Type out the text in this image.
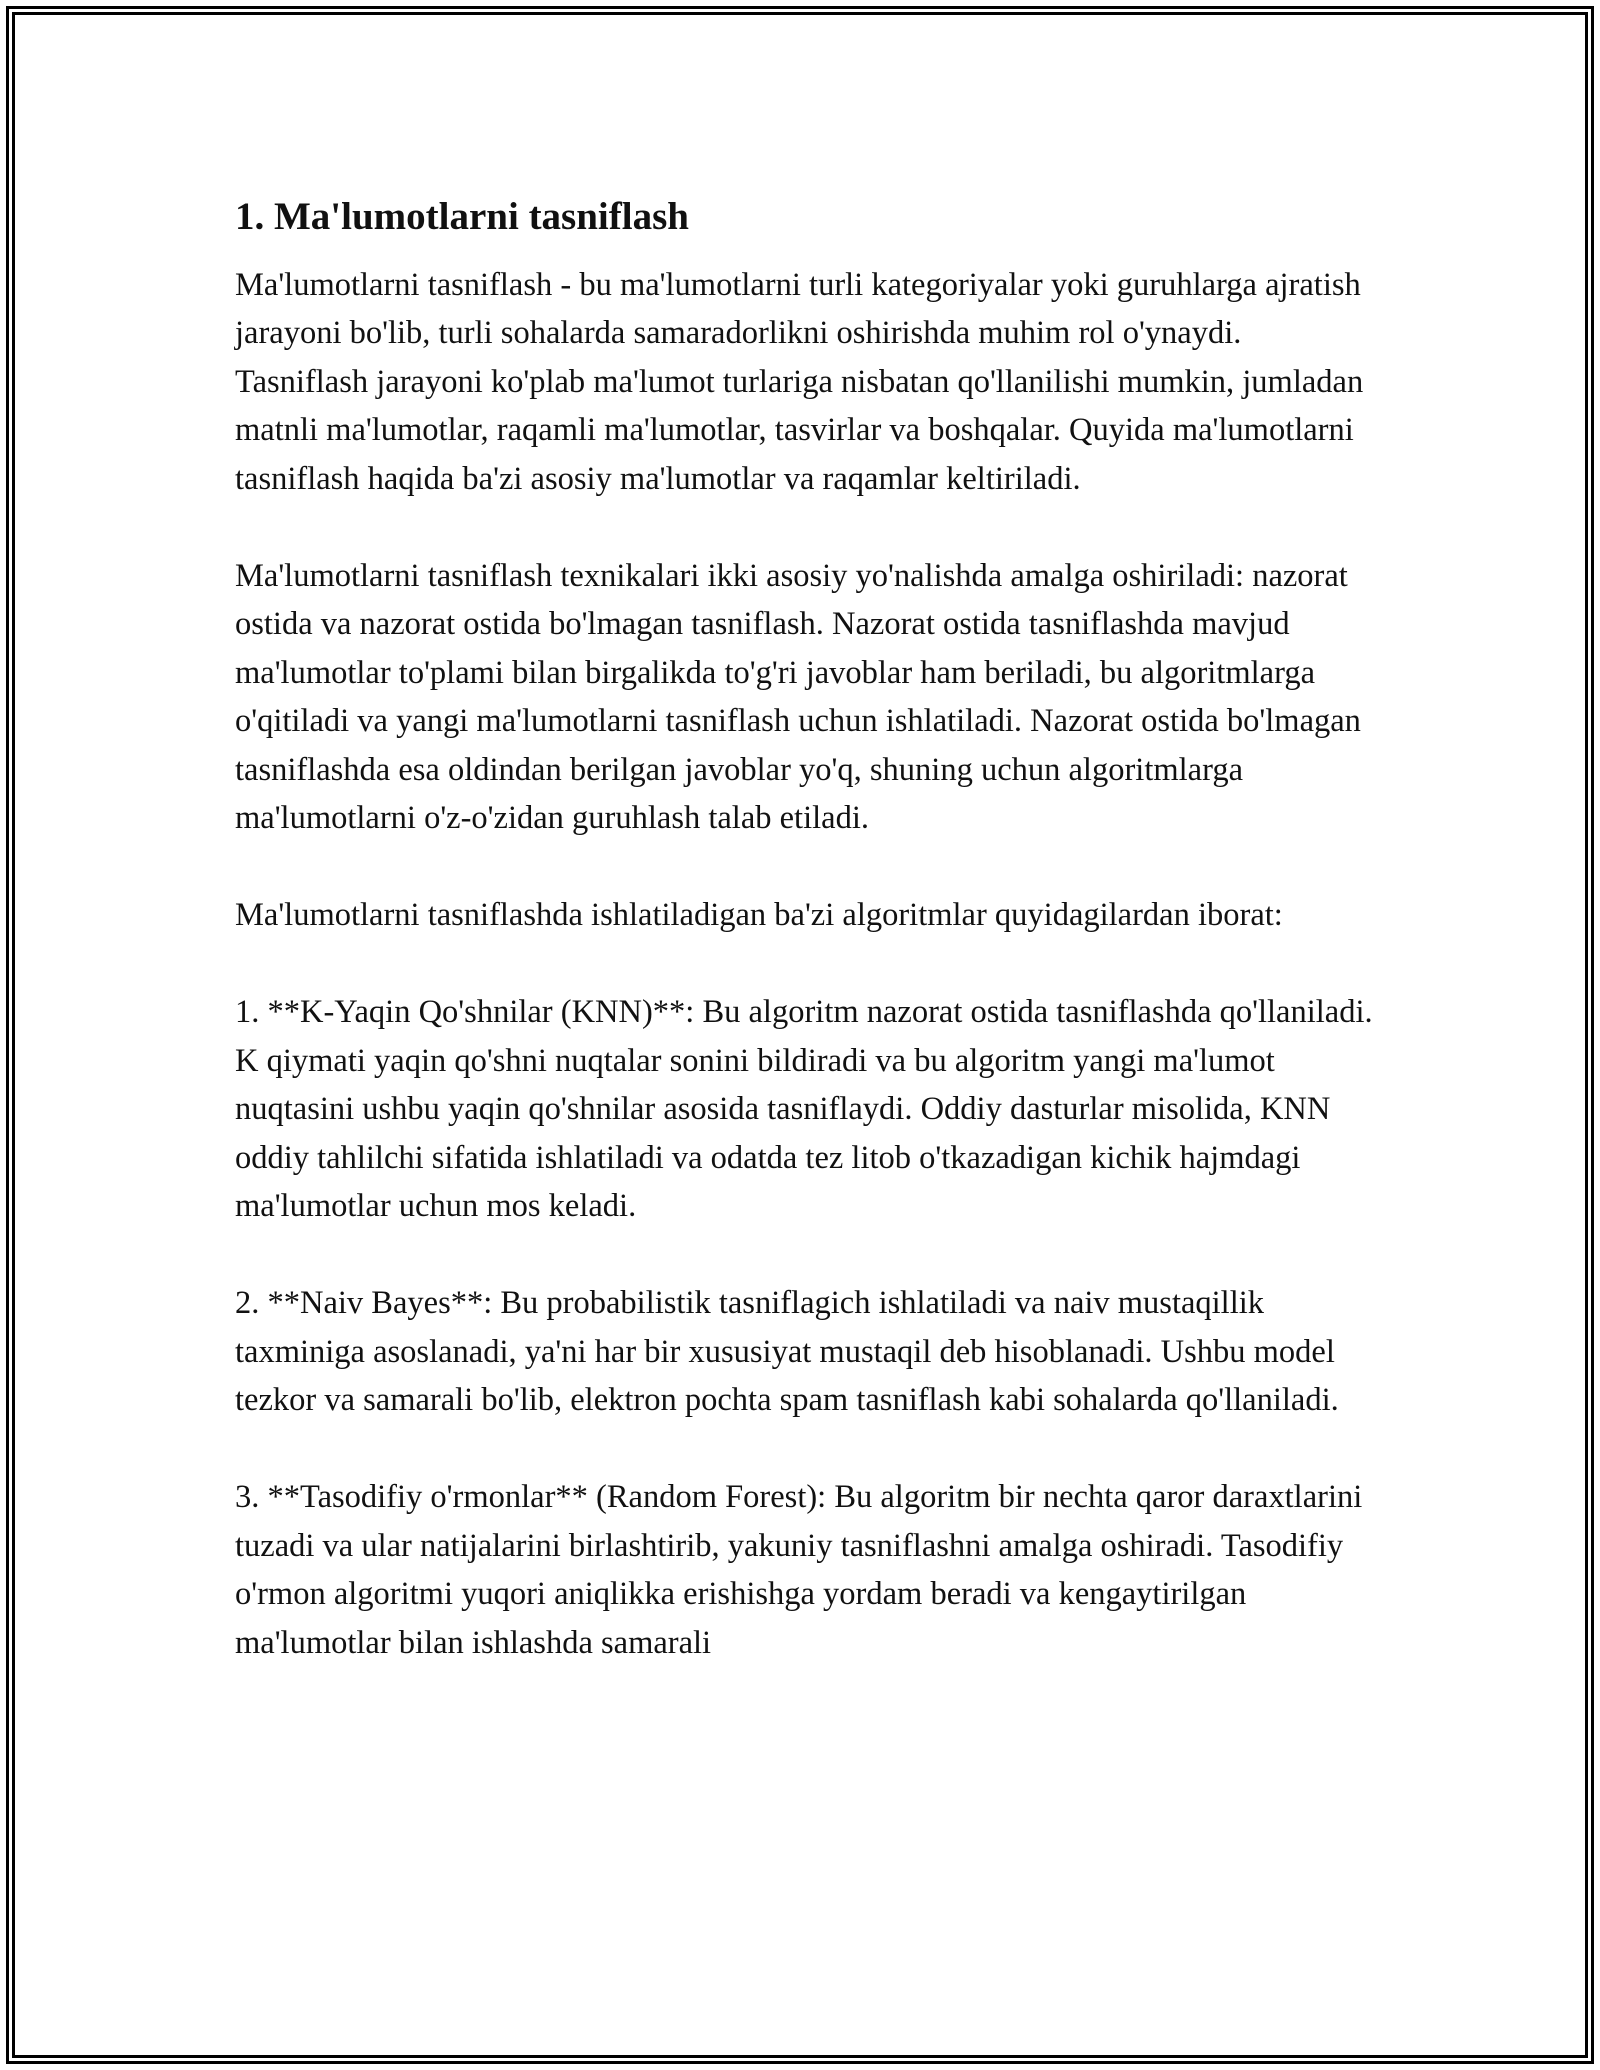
1. Ma'lumotlarni tasniflash

Ma'lumotlarni tasniflash - bu ma'lumotlarni turli kategoriyalar yoki guruhlarga ajratish jarayoni bo'lib, turli sohalarda samaradorlikni oshirishda muhim rol o'ynaydi. Tasniflash jarayoni ko'plab ma'lumot turlariga nisbatan qo'llanilishi mumkin, jumladan matnli ma'lumotlar, raqamli ma'lumotlar, tasvirlar va boshqalar. Quyida ma'lumotlarni tasniflash haqida ba'zi asosiy ma'lumotlar va raqamlar keltiriladi.

Ma'lumotlarni tasniflash texnikalari ikki asosiy yo'nalishda amalga oshiriladi: nazorat ostida va nazorat ostida bo'lmagan tasniflash. Nazorat ostida tasniflashda mavjud ma'lumotlar to'plami bilan birgalikda to'g'ri javoblar ham beriladi, bu algoritmlarga o'qitiladi va yangi ma'lumotlarni tasniflash uchun ishlatiladi. Nazorat ostida bo'lmagan tasniflashda esa oldindan berilgan javoblar yo'q, shuning uchun algoritmlarga ma'lumotlarni o'z-o'zidan guruhlash talab etiladi.

Ma'lumotlarni tasniflashda ishlatiladigan ba'zi algoritmlar quyidagilardan iborat:

1. **K-Yaqin Qo'shnilar (KNN)**: Bu algoritm nazorat ostida tasniflashda qo'llaniladi. K qiymati yaqin qo'shni nuqtalar sonini bildiradi va bu algoritm yangi ma'lumot nuqtasini ushbu yaqin qo'shnilar asosida tasniflaydi. Oddiy dasturlar misolida, KNN oddiy tahlilchi sifatida ishlatiladi va odatda tez litob o'tkazadigan kichik hajmdagi ma'lumotlar uchun mos keladi.

2. **Naiv Bayes**: Bu probabilistik tasniflagich ishlatiladi va naiv mustaqillik taxminiga asoslanadi, ya'ni har bir xususiyat mustaqil deb hisoblanadi. Ushbu model tezkor va samarali bo'lib, elektron pochta spam tasniflash kabi sohalarda qo'llaniladi.

3. **Tasodifiy o'rmonlar** (Random Forest): Bu algoritm bir nechta qaror daraxtlarini tuzadi va ular natijalarini birlashtirib, yakuniy tasniflashni amalga oshiradi. Tasodifiy o'rmon algoritmi yuqori aniqlikka erishishga yordam beradi va kengaytirilgan ma'lumotlar bilan ishlashda samarali
